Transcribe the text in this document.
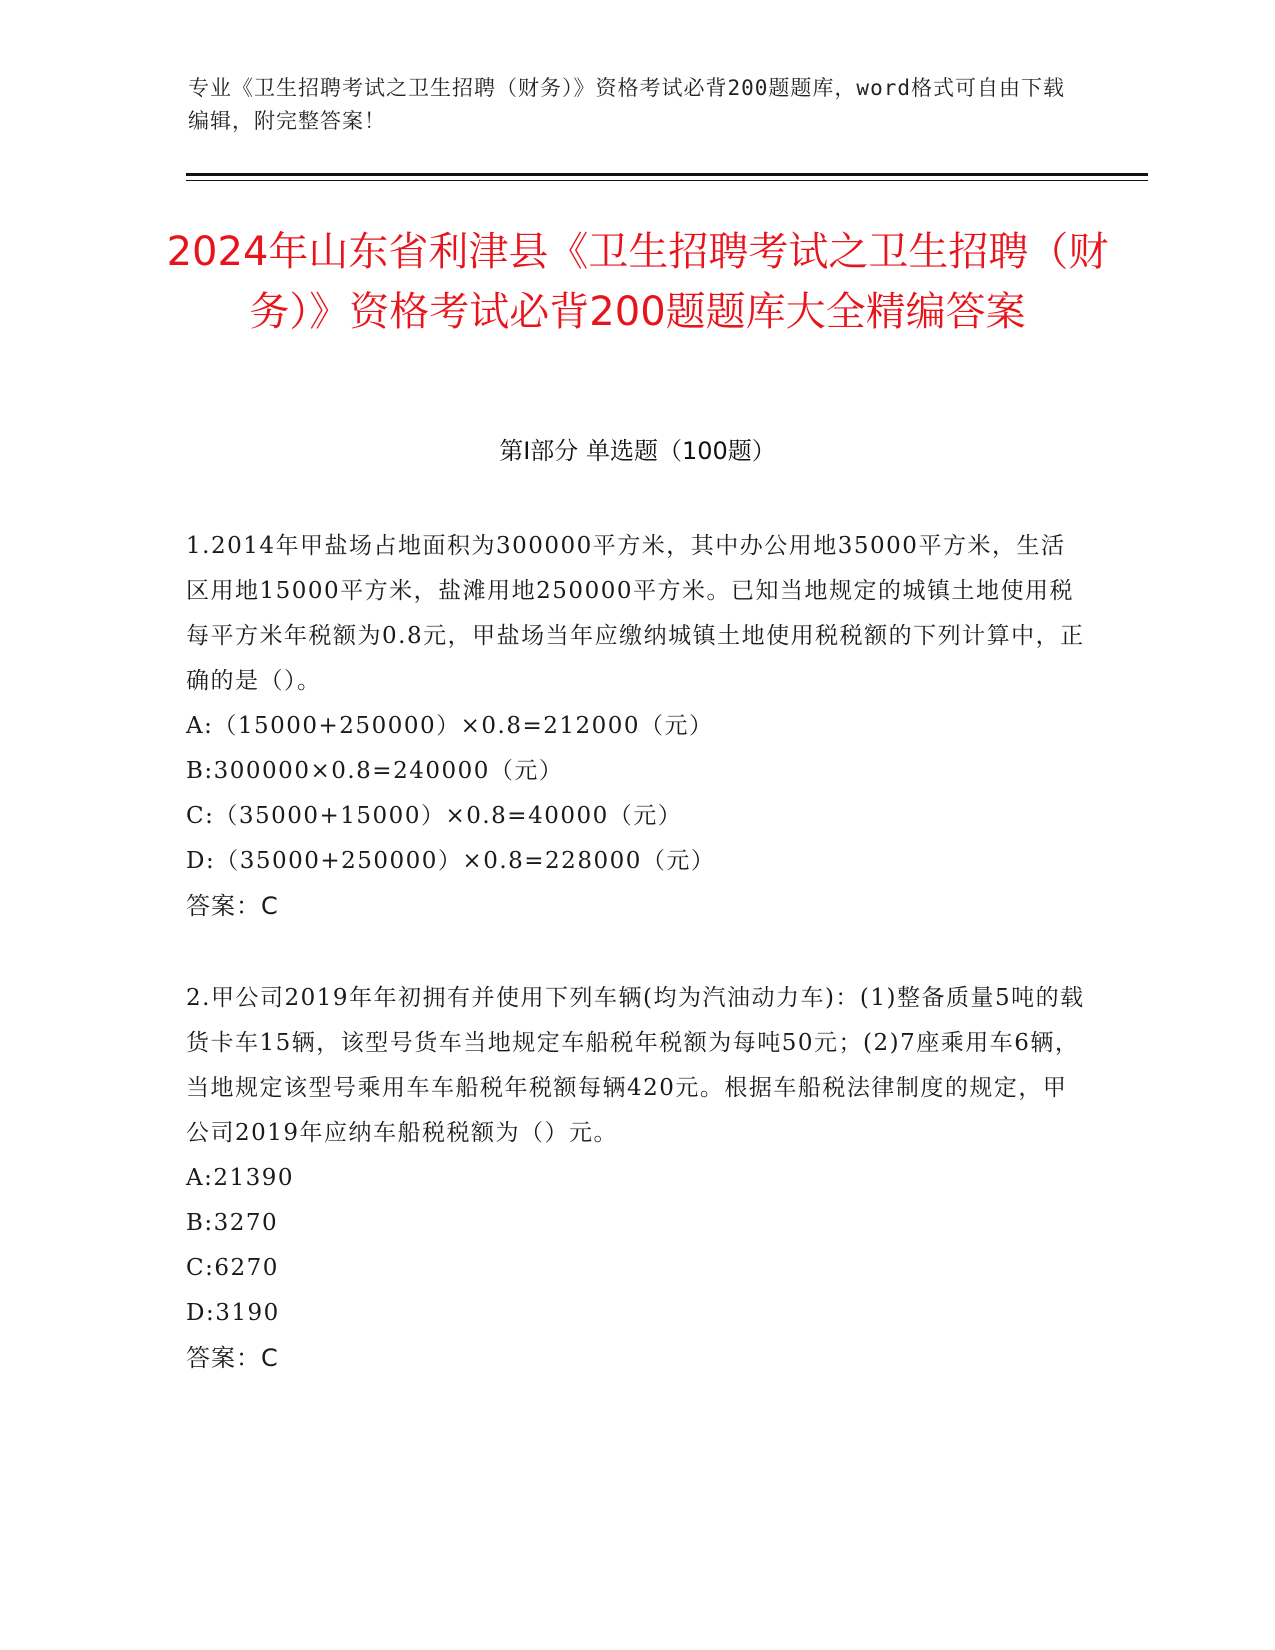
专业《卫生招聘考试之卫生招聘（财务）》资格考试必背200题题库，word格式可自由下载编辑，附完整答案！
2024年山东省利津县《卫生招聘考试之卫生招聘（财务）》资格考试必背200题题库大全精编答案
第I部分 单选题（100题）

1.2014年甲盐场占地面积为300000平方米，其中办公用地35000平方米，生活区用地15000平方米，盐滩用地250000平方米。已知当地规定的城镇土地使用税每平方米年税额为0.8元，甲盐场当年应缴纳城镇土地使用税税额的下列计算中，正确的是（）。

A:（15000+250000）×0.8=212000（元）

B:300000×0.8=240000（元）

C:（35000+15000）×0.8=40000（元）

D:（35000+250000）×0.8=228000（元）

答案：C

2.甲公司2019年年初拥有并使用下列车辆(均为汽油动力车)：(1)整备质量5吨的载货卡车15辆，该型号货车当地规定车船税年税额为每吨50元；(2)7座乘用车6辆，当地规定该型号乘用车车船税年税额每辆420元。根据车船税法律制度的规定，甲公司2019年应纳车船税税额为（）元。

A:21390

B:3270

C:6270

D:3190

答案：C
